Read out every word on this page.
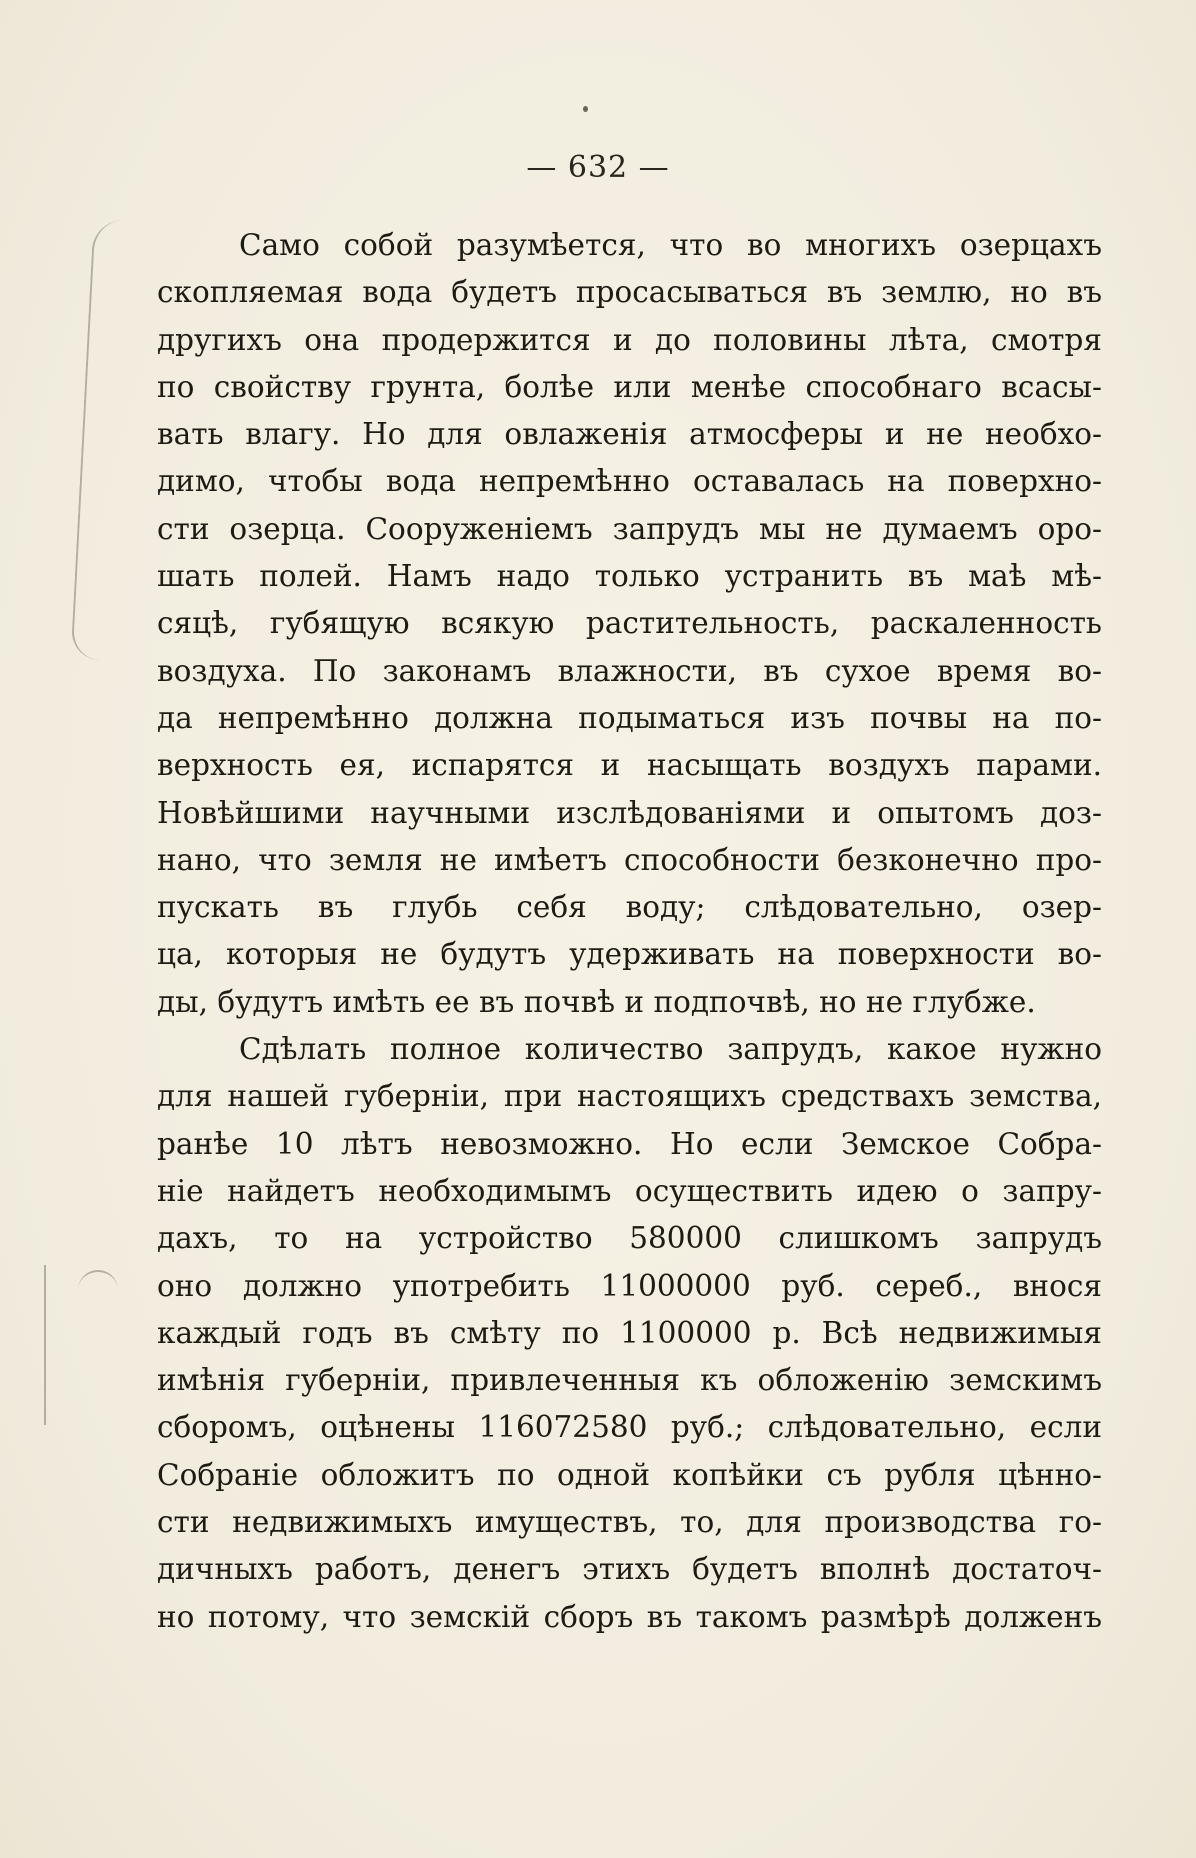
— 632 —
Само собой разумѣется, что во многихъ озерцахъ
скопляемая вода будетъ просасываться въ землю, но въ
другихъ она продержится и до половины лѣта, смотря
по свойству грунта, болѣе или менѣе способнаго всасы-
вать влагу. Но для овлаженія атмосферы и не необхо-
димо, чтобы вода непремѣнно оставалась на поверхно-
сти озерца. Сооруженіемъ запрудъ мы не думаемъ оро-
шать полей. Намъ надо только устранить въ маѣ мѣ-
сяцѣ, губящую всякую растительность, раскаленность
воздуха. По законамъ влажности, въ сухое время во-
да непремѣнно должна подыматься изъ почвы на по-
верхность ея, испарятся и насыщать воздухъ парами.
Новѣйшими научными изслѣдованіями и опытомъ доз-
нано, что земля не имѣетъ способности безконечно про-
пускать въ глубь себя воду; слѣдовательно, озер-
ца, которыя не будутъ удерживать на поверхности во-
ды, будутъ имѣть ее въ почвѣ и подпочвѣ, но не глубже.
Сдѣлать полное количество запрудъ, какое нужно
для нашей губерніи, при настоящихъ средствахъ земства,
ранѣе 10 лѣтъ невозможно. Но если Земское Собра-
ніе найдетъ необходимымъ осуществить идею о запру-
дахъ, то на устройство 580000 слишкомъ запрудъ
оно должно употребить 11000000 руб. сереб., внося
каждый годъ въ смѣту по 1100000 р. Всѣ недвижимыя
имѣнія губерніи, привлеченныя къ обложенію земскимъ
сборомъ, оцѣнены 116072580 руб.; слѣдовательно, если
Собраніе обложитъ по одной копѣйки съ рубля цѣнно-
сти недвижимыхъ имуществъ, то, для производства го-
дичныхъ работъ, денегъ этихъ будетъ вполнѣ достаточ-
но потому, что земскій сборъ въ такомъ размѣрѣ долженъ
